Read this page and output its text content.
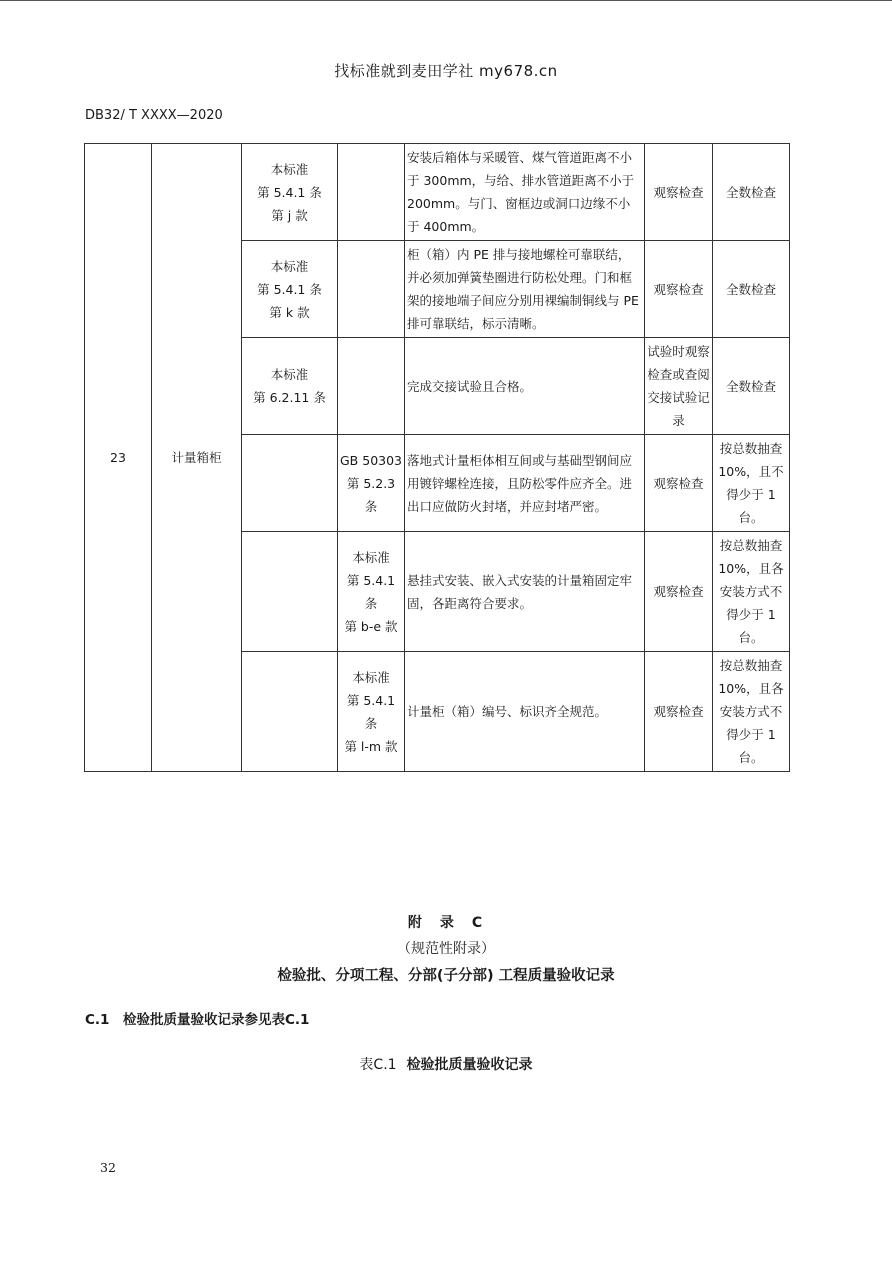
找标准就到麦田学社 my678.cn
DB32/ T XXXX—2020
23	计量箱柜	本标准
第 5.4.1 条
第 j 款		安装后箱体与采暖管、煤气管道距离不小于 300mm，与给、排水管道距离不小于 200mm。与门、窗框边或洞口边缘不小于 400mm。	观察检查	全数检查

		本标准
第 5.4.1 条
第 k 款		柜（箱）内 PE 排与接地螺栓可靠联结，并必须加弹簧垫圈进行防松处理。门和框架的接地端子间应分别用裸编制铜线与 PE 排可靠联结，标示清晰。	观察检查	全数检查

		本标准
第 6.2.11 条		完成交接试验且合格。	试验时观察检查或查阅交接试验记录	全数检查

			GB 50303
第 5.2.3 条	落地式计量柜体相互间或与基础型钢间应用镀锌螺栓连接，且防松零件应齐全。进出口应做防火封堵，并应封堵严密。	观察检查	按总数抽查 10%，且不得少于 1 台。

			本标准
第 5.4.1 条
第 b-e 款	悬挂式安装、嵌入式安装的计量箱固定牢固，各距离符合要求。	观察检查	按总数抽查 10%，且各安装方式不得少于 1 台。

			本标准
第 5.4.1 条
第 l-m 款	计量柜（箱）编号、标识齐全规范。	观察检查	按总数抽查 10%，且各安装方式不得少于 1 台。
附　录　C
（规范性附录）
检验批、分项工程、分部(子分部) 工程质量验收记录
C.1 检验批质量验收记录参见表C.1
表C.1 检验批质量验收记录
32
